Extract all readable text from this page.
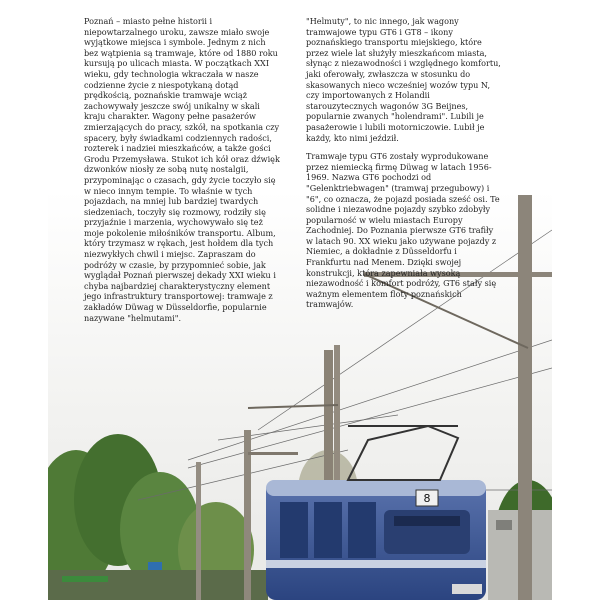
Poznań – miasto pełne historii i niepowtarzalnego uroku, zawsze miało swoje wyjątkowe miejsca i symbole. Jednym z nich bez wątpienia są tramwaje, które od 1880 roku kursują po ulicach miasta. W początkach XXI wieku, gdy technologia wkraczała w nasze codzienne życie z niespotykaną dotąd prędkością, poznańskie tramwaje wciąż zachowywały jeszcze swój unikalny w skali kraju charakter. Wagony pełne pasażerów zmierzających do pracy, szkół, na spotkania czy spacery, były świadkami codziennych radości, rozterek i nadziei mieszkańców, a także gości Grodu Przemysława. Stukot ich kół oraz dźwięk dzwonków niosły ze sobą nutę nostalgii, przypominając o czasach, gdy życie toczyło się w nieco innym tempie. To właśnie w tych pojazdach, na mniej lub bardziej twardych siedzeniach, toczyły się rozmowy, rodziły się przyjaźnie i marzenia, wychowywało się też moje pokolenie miłośników transportu. Album, który trzymasz w rękach, jest hołdem dla tych niezwykłych chwil i miejsc. Zapraszam do podróży w czasie, by przypomnieć sobie, jak wyglądał Poznań pierwszej dekady XXI wieku i chyba najbardziej charakterystyczny element jego infrastruktury transportowej: tramwaje z zakładów Düwag w Düsseldorfie, popularnie nazywane "helmutami".

"Helmuty", to nic innego, jak wagony tramwajowe typu GT6 i GT8 – ikony poznańskiego transportu miejskiego, które przez wiele lat służyły mieszkańcom miasta, słynąc z niezawodności i względnego komfortu, jaki oferowały, zwłaszcza w stosunku do skasowanych nieco wcześniej wozów typu N, czy importowanych z Holandii starouzytecznych wagonów 3G Beijnes, popularnie zwanych "holendrami". Lubili je pasażerowie i lubili motorniczowie. Lubił je każdy, kto nimi jeździł.

Tramwaje typu GT6 zostały wyprodukowane przez niemiecką firmę Düwag w latach 1956-1969. Nazwa GT6 pochodzi od "Gelenktriebwagen" (tramwaj przegubowy) i "6", co oznacza, że pojazd posiada sześć osi. Te solidne i niezawodne pojazdy szybko zdobyły popularność w wielu miastach Europy Zachodniej. Do Poznania pierwsze GT6 trafiły w latach 90. XX wieku jako używane pojazdy z Niemiec, a dokładnie z Düsseldorfu i Frankfurtu nad Menem. Dzięki swojej konstrukcji, która zapewniała wysoką niezawodność i komfort podróży, GT6 stały się ważnym elementem floty poznańskich tramwajów.

8
